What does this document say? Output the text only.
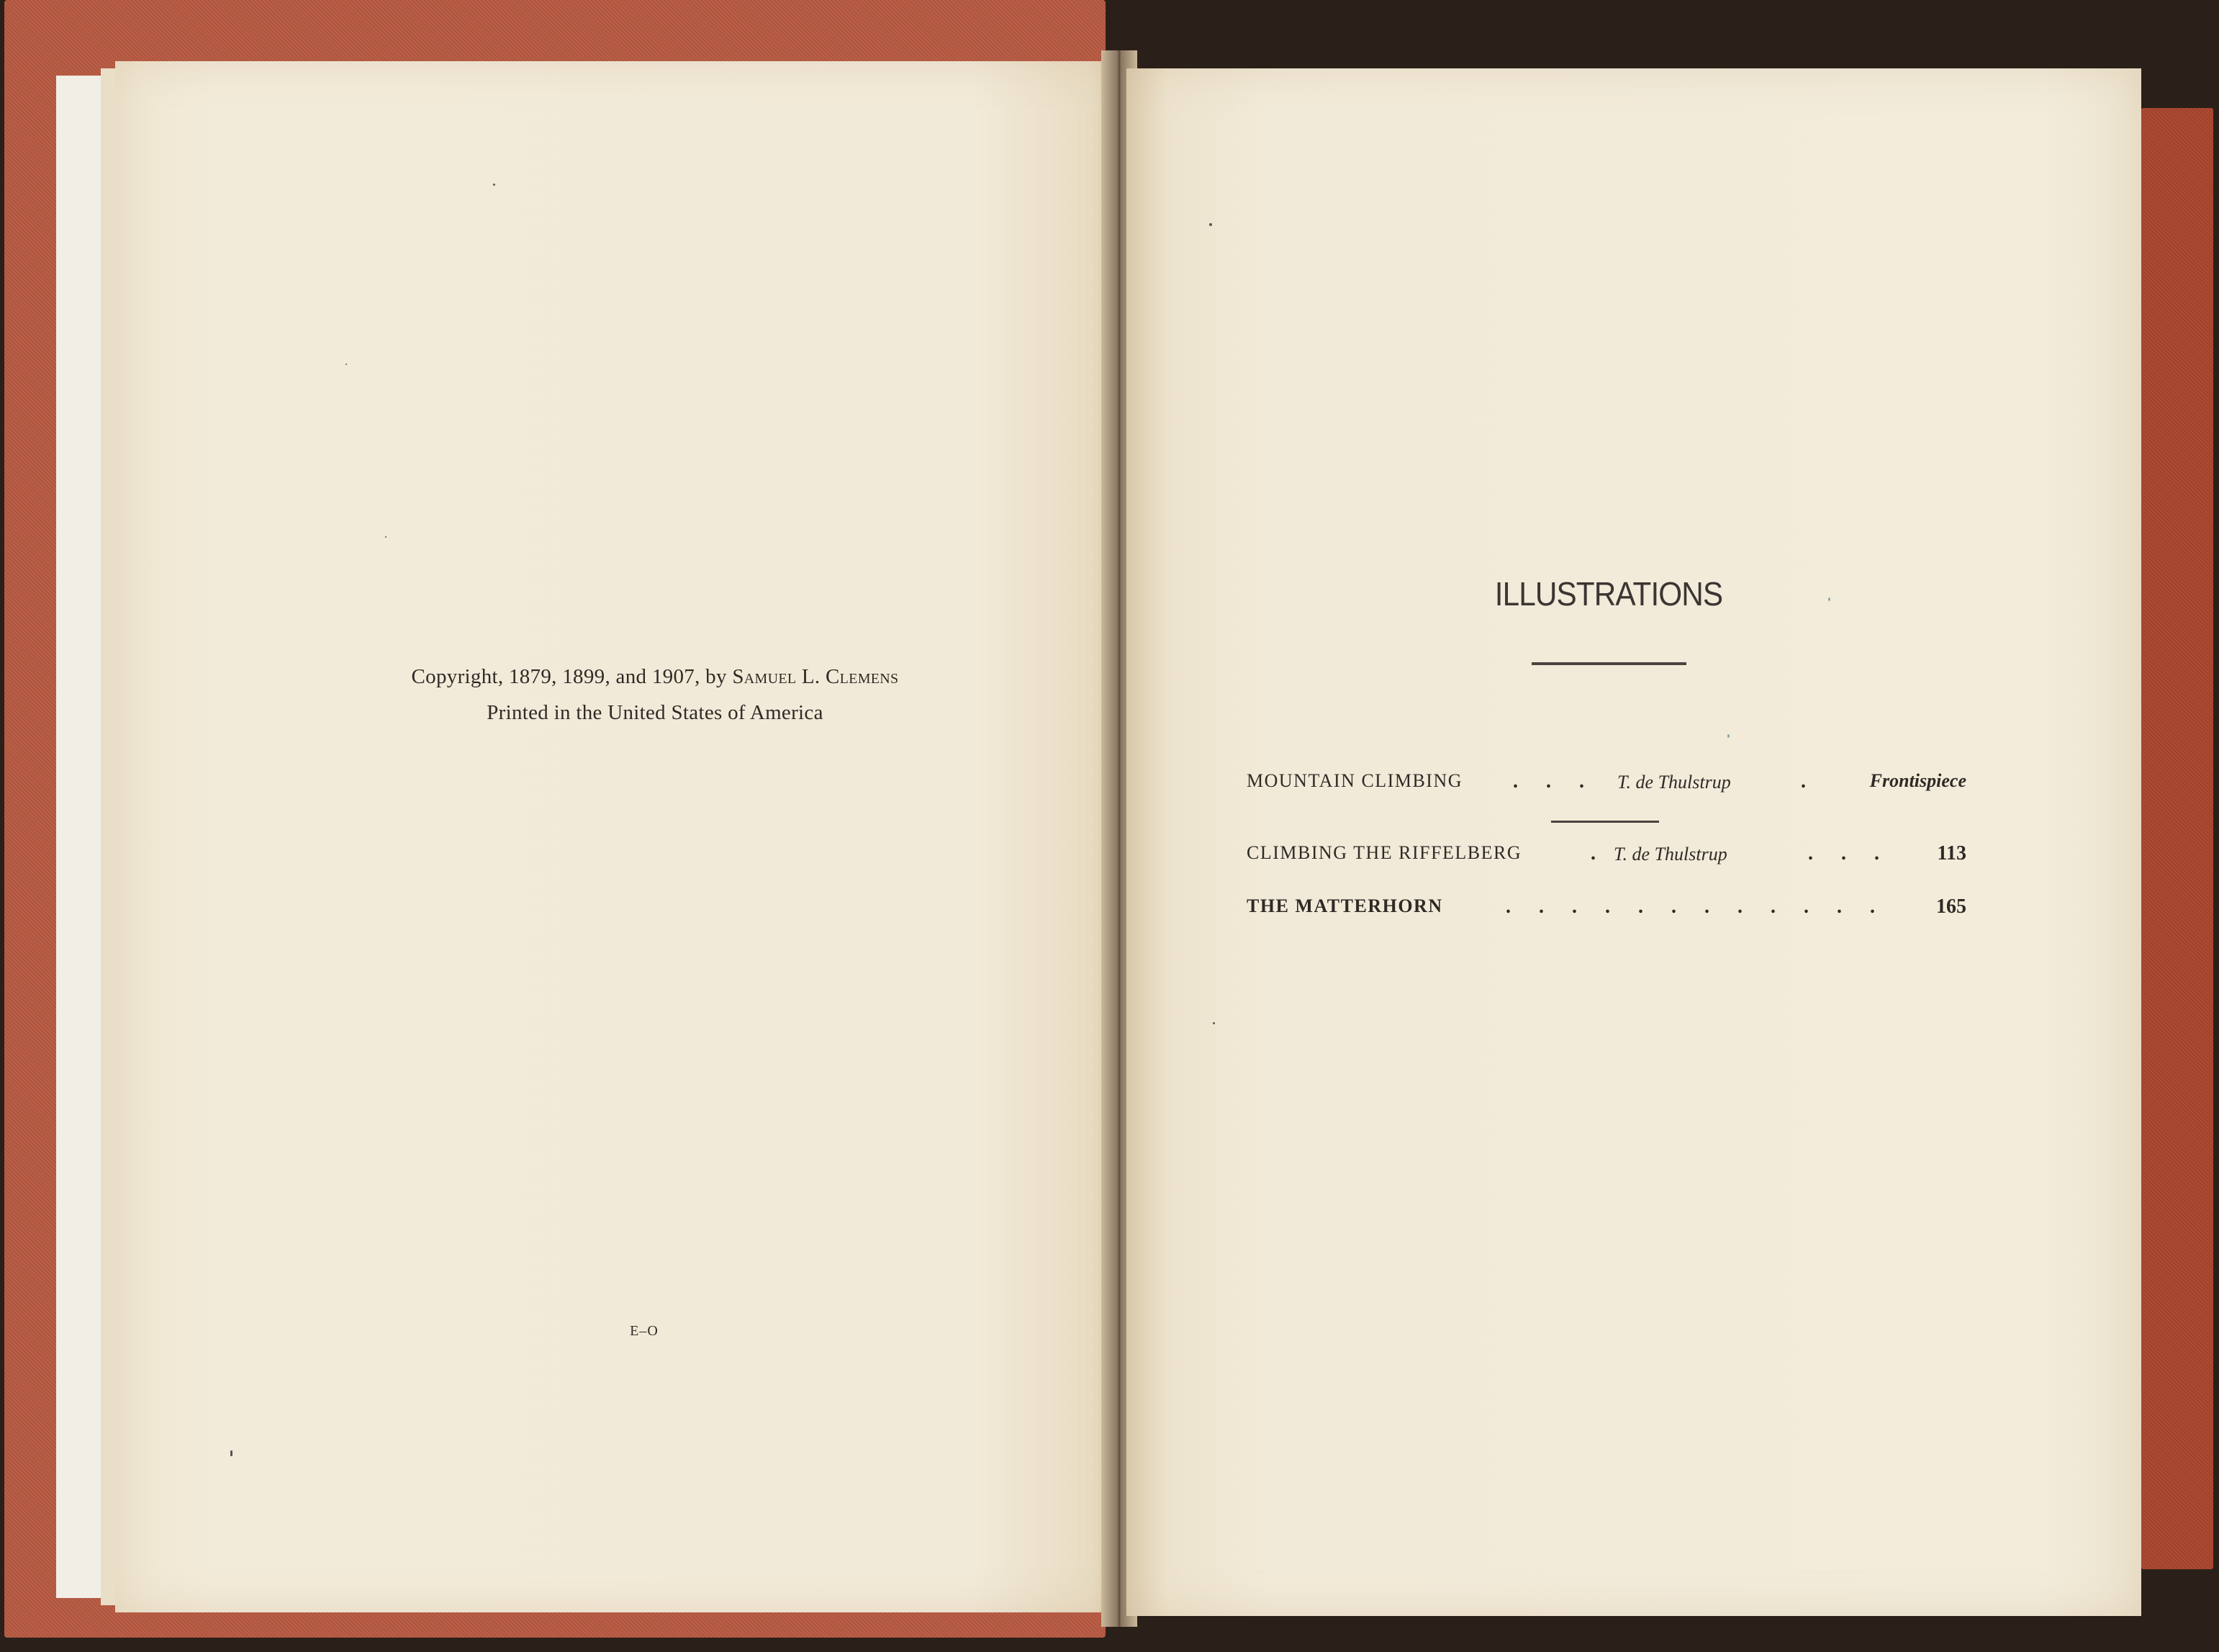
Copyright, 1879, 1899, and 1907, by Samuel L. Clemens
Printed in the United States of America
E–O
ILLUSTRATIONS
MOUNTAIN CLIMBING . . . T. de Thulstrup	.	Frontispiece
CLIMBING THE RIFFELBERG	. T. de Thulstrup	. . . 113
THE MATTERHORN	. . . . . . . . . . . . 165
